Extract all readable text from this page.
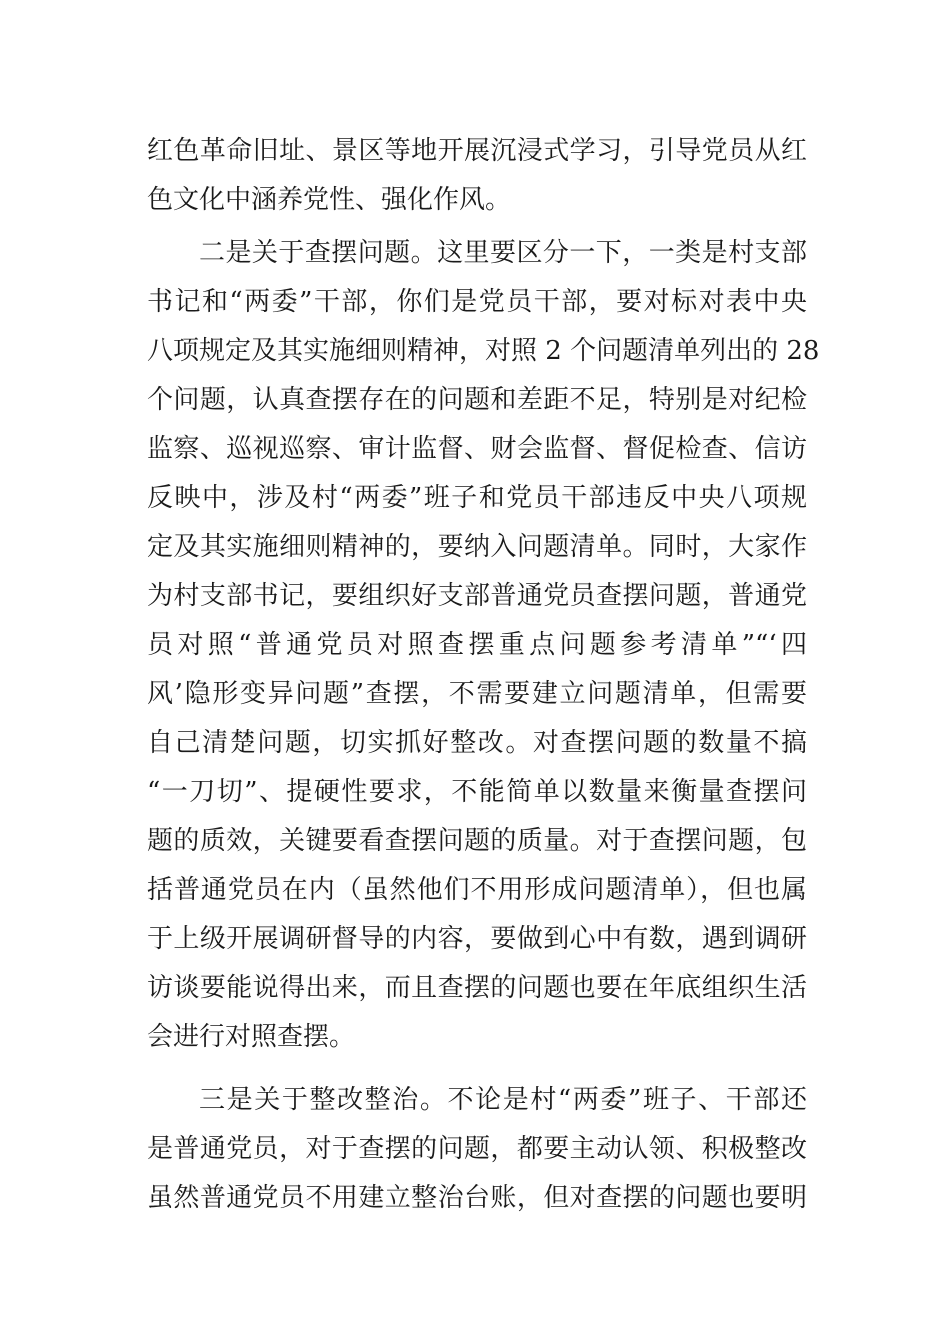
红色革命旧址、景区等地开展沉浸式学习，引导党员从红
色文化中涵养党性、强化作风。
二是关于查摆问题。这里要区分一下，一类是村支部
书记和“两委”干部，你们是党员干部，要对标对表中央
八项规定及其实施细则精神，对照 2 个问题清单列出的 28
个问题，认真查摆存在的问题和差距不足，特别是对纪检
监察、巡视巡察、审计监督、财会监督、督促检查、信访
反映中，涉及村“两委”班子和党员干部违反中央八项规
定及其实施细则精神的，要纳入问题清单。同时，大家作
为村支部书记，要组织好支部普通党员查摆问题，普通党
员对照“普通党员对照查摆重点问题参考清单”“‘四
风’隐形变异问题”查摆，不需要建立问题清单，但需要
自己清楚问题，切实抓好整改。对查摆问题的数量不搞
“一刀切”、提硬性要求，不能简单以数量来衡量查摆问
题的质效，关键要看查摆问题的质量。对于查摆问题，包
括普通党员在内（虽然他们不用形成问题清单），但也属
于上级开展调研督导的内容，要做到心中有数，遇到调研
访谈要能说得出来，而且查摆的问题也要在年底组织生活
会进行对照查摆。
三是关于整改整治。不论是村“两委”班子、干部还
是普通党员，对于查摆的问题，都要主动认领、积极整改
虽然普通党员不用建立整治台账，但对查摆的问题也要明
